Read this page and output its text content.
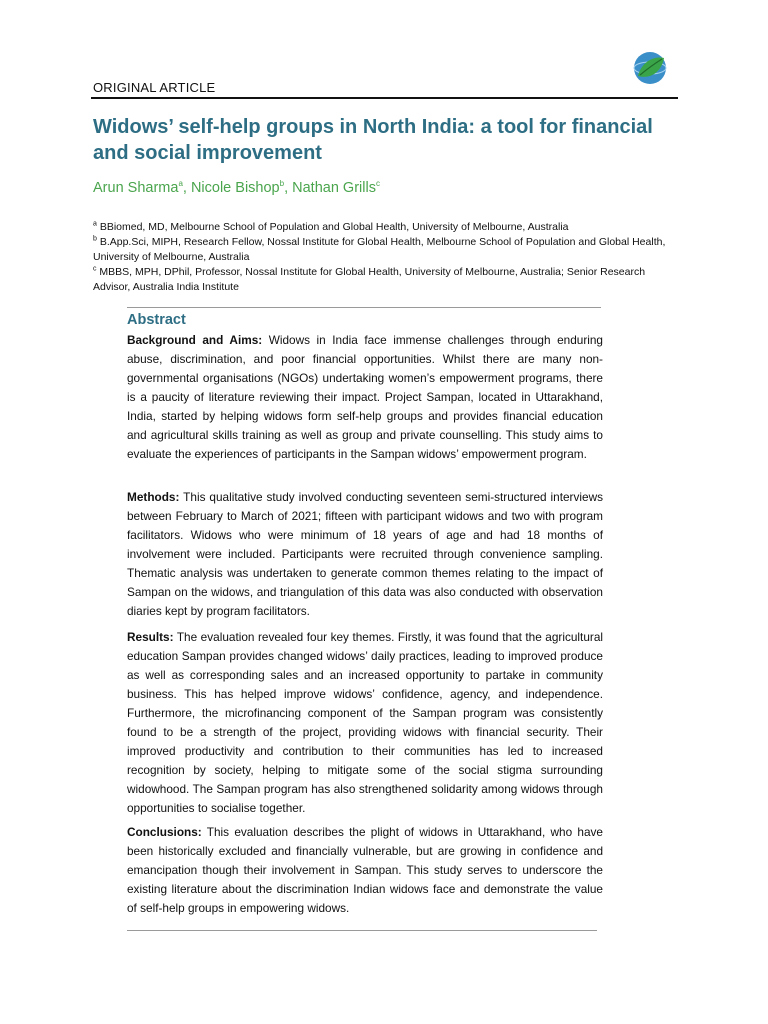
ORIGINAL ARTICLE
Widows’ self-help groups in North India: a tool for financial and social improvement
Arun Sharma$^a$, Nicole Bishop$^b$, Nathan Grills$^c$
$^a$ BBiomed, MD, Melbourne School of Population and Global Health, University of Melbourne, Australia
$^b$ B.App.Sci, MIPH, Research Fellow, Nossal Institute for Global Health, Melbourne School of Population and Global Health, University of Melbourne, Australia
$^c$ MBBS, MPH, DPhil, Professor, Nossal Institute for Global Health, University of Melbourne, Australia; Senior Research Advisor, Australia India Institute
Abstract

Background and Aims: Widows in India face immense challenges through enduring abuse, discrimination, and poor financial opportunities. Whilst there are many non-governmental organisations (NGOs) undertaking women’s empowerment programs, there is a paucity of literature reviewing their impact. Project Sampan, located in Uttarakhand, India, started by helping widows form self-help groups and provides financial education and agricultural skills training as well as group and private counselling. This study aims to evaluate the experiences of participants in the Sampan widows’ empowerment program.

Methods: This qualitative study involved conducting seventeen semi-structured interviews between February to March of 2021; fifteen with participant widows and two with program facilitators. Widows who were minimum of 18 years of age and had 18 months of involvement were included. Participants were recruited through convenience sampling. Thematic analysis was undertaken to generate common themes relating to the impact of Sampan on the widows, and triangulation of this data was also conducted with observation diaries kept by program facilitators.

Results: The evaluation revealed four key themes. Firstly, it was found that the agricultural education Sampan provides changed widows’ daily practices, leading to improved produce as well as corresponding sales and an increased opportunity to partake in community business. This has helped improve widows’ confidence, agency, and independence. Furthermore, the microfinancing component of the Sampan program was consistently found to be a strength of the project, providing widows with financial security. Their improved productivity and contribution to their communities has led to increased recognition by society, helping to mitigate some of the social stigma surrounding widowhood. The Sampan program has also strengthened solidarity among widows through opportunities to socialise together.

Conclusions: This evaluation describes the plight of widows in Uttarakhand, who have been historically excluded and financially vulnerable, but are growing in confidence and emancipation though their involvement in Sampan. This study serves to underscore the existing literature about the discrimination Indian widows face and demonstrate the value of self-help groups in empowering widows.
